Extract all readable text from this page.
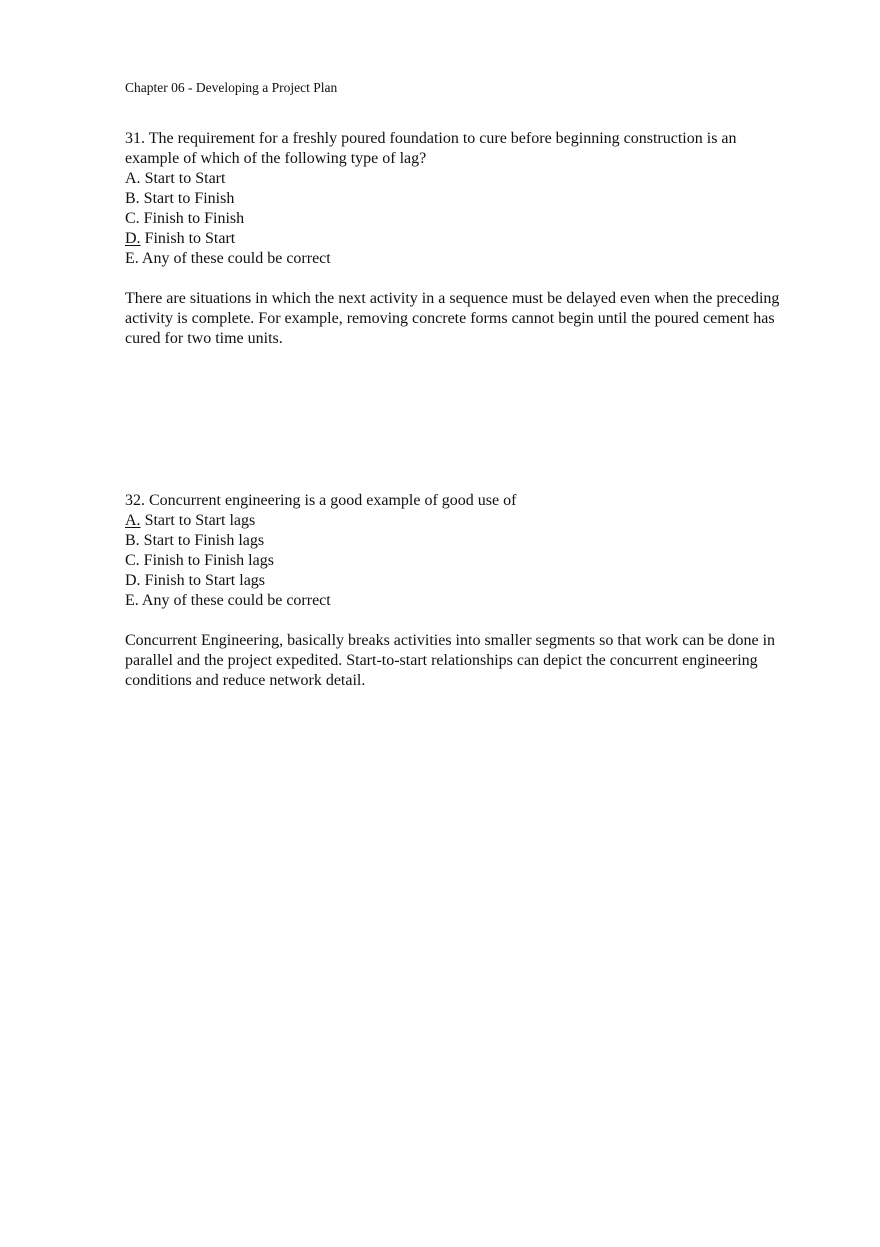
Chapter 06 - Developing a Project Plan

31. The requirement for a freshly poured foundation to cure before beginning construction is an example of which of the following type of lag?

A. Start to Start
B. Start to Finish
C. Finish to Finish
D. Finish to Start
E. Any of these could be correct

There are situations in which the next activity in a sequence must be delayed even when the preceding activity is complete. For example, removing concrete forms cannot begin until the poured cement has cured for two time units.

32. Concurrent engineering is a good example of good use of

A. Start to Start lags
B. Start to Finish lags
C. Finish to Finish lags
D. Finish to Start lags
E. Any of these could be correct

Concurrent Engineering, basically breaks activities into smaller segments so that work can be done in parallel and the project expedited. Start-to-start relationships can depict the concurrent engineering conditions and reduce network detail.
